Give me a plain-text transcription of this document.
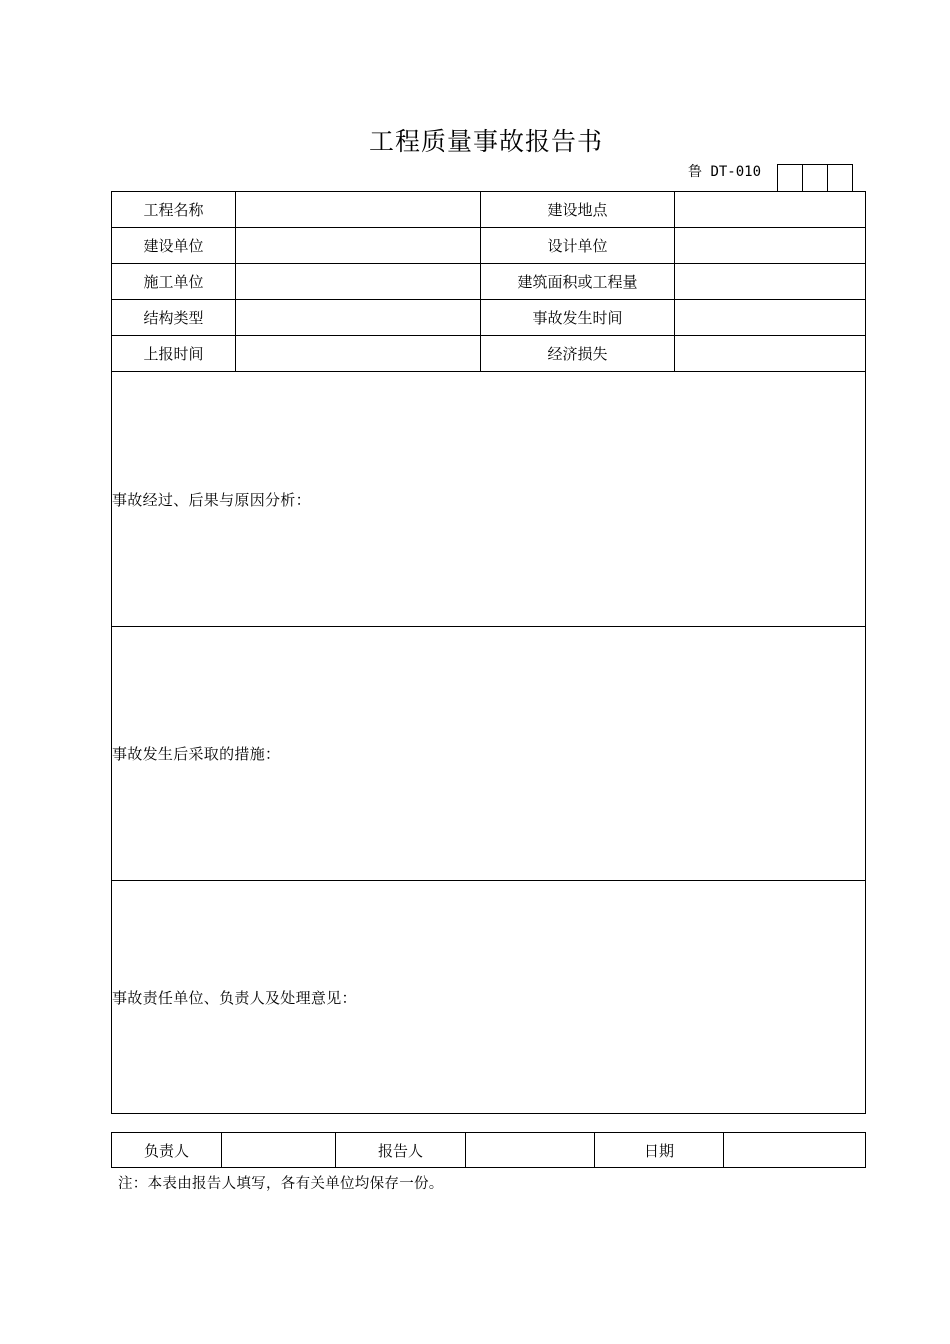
工程质量事故报告书
鲁 DT-010
工程名称		建设地点	
建设单位		设计单位	
施工单位		建筑面积或工程量	
结构类型		事故发生时间	
上报时间		经济损失	
事故经过、后果与原因分析：			
事故发生后采取的措施：			
事故责任单位、负责人及处理意见：			
负责人		报告人		日期	
注：本表由报告人填写，各有关单位均保存一份。
